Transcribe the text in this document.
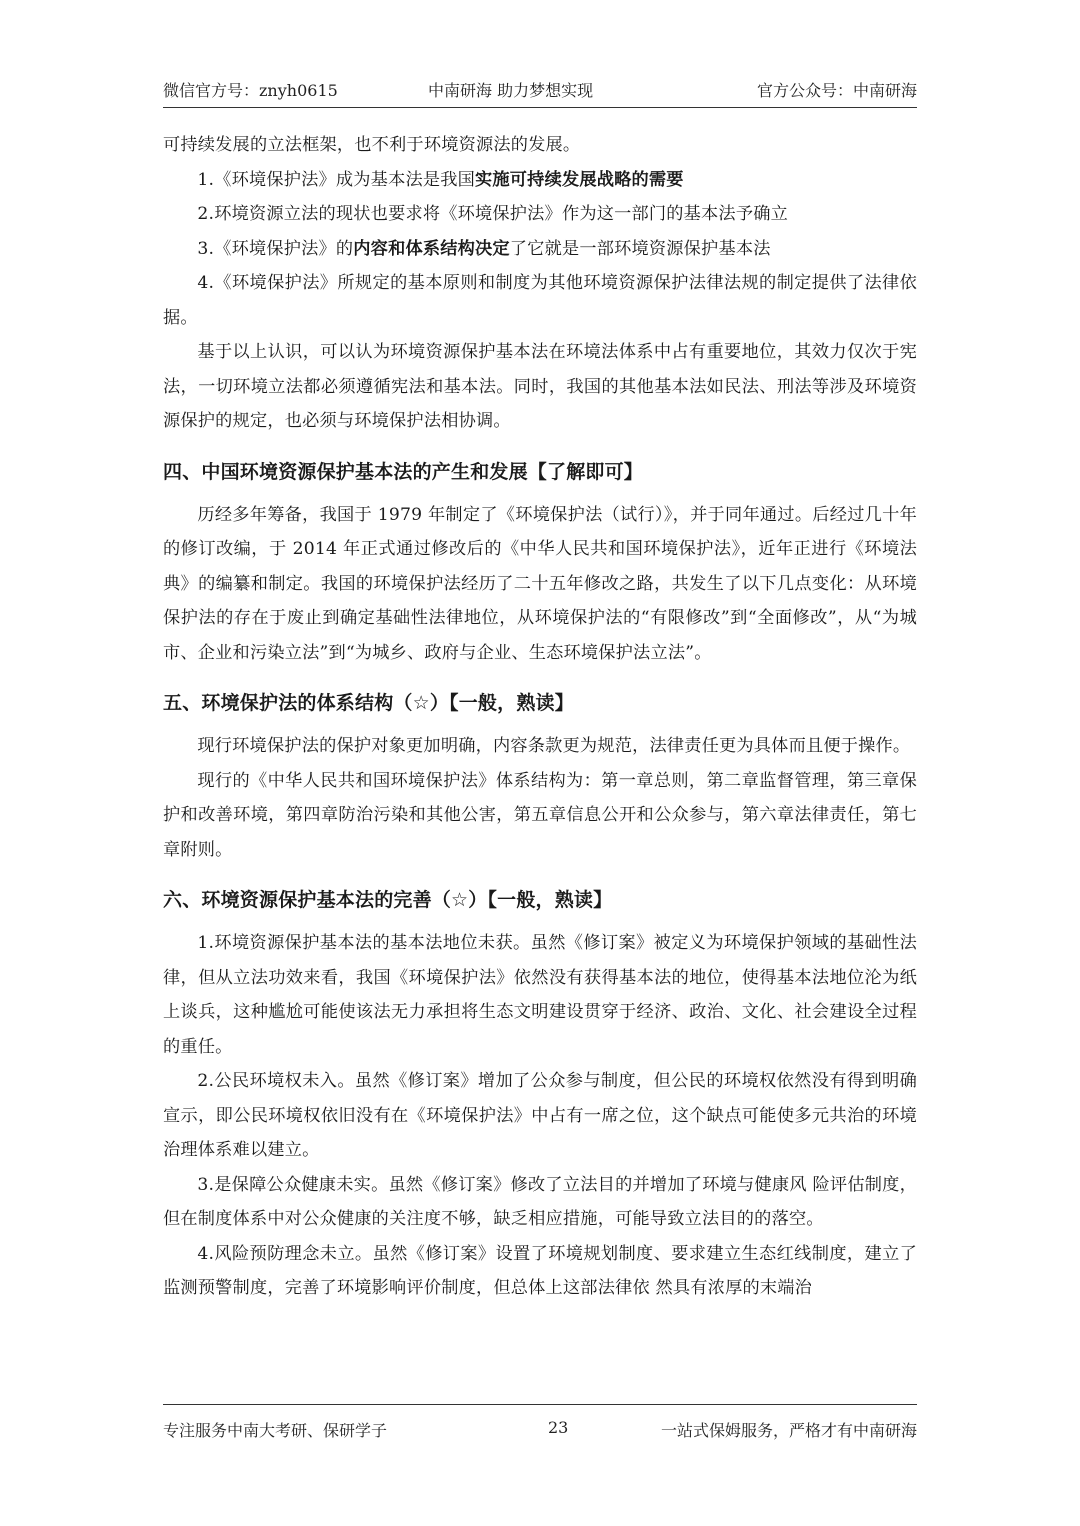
微信官方号：znyh0615	中南研海 助力梦想实现	官方公众号：中南研海

可持续发展的立法框架，也不利于环境资源法的发展。

1.《环境保护法》成为基本法是我国实施可持续发展战略的需要

2.环境资源立法的现状也要求将《环境保护法》作为这一部门的基本法予确立

3.《环境保护法》的内容和体系结构决定了它就是一部环境资源保护基本法

4.《环境保护法》所规定的基本原则和制度为其他环境资源保护法律法规的制定提供了法律依据。

基于以上认识，可以认为环境资源保护基本法在环境法体系中占有重要地位，其效力仅次于宪法，一切环境立法都必须遵循宪法和基本法。同时，我国的其他基本法如民法、刑法等涉及环境资源保护的规定，也必须与环境保护法相协调。

四、中国环境资源保护基本法的产生和发展【了解即可】

历经多年筹备，我国于 1979 年制定了《环境保护法（试行）》，并于同年通过。后经过几十年的修订改编，于 2014 年正式通过修改后的《中华人民共和国环境保护法》，近年正进行《环境法典》的编纂和制定。我国的环境保护法经历了二十五年修改之路，共发生了以下几点变化：从环境保护法的存在于废止到确定基础性法律地位，从环境保护法的“有限修改”到“全面修改”，从“为城市、企业和污染立法”到“为城乡、政府与企业、生态环境保护法立法”。

五、环境保护法的体系结构（☆）【一般，熟读】

现行环境保护法的保护对象更加明确，内容条款更为规范，法律责任更为具体而且便于操作。

现行的《中华人民共和国环境保护法》体系结构为：第一章总则，第二章监督管理，第三章保护和改善环境，第四章防治污染和其他公害，第五章信息公开和公众参与，第六章法律责任，第七章附则。

六、环境资源保护基本法的完善（☆）【一般，熟读】

1.环境资源保护基本法的基本法地位未获。虽然《修订案》被定义为环境保护领域的基础性法律，但从立法功效来看，我国《环境保护法》依然没有获得基本法的地位，使得基本法地位沦为纸上谈兵，这种尴尬可能使该法无力承担将生态文明建设贯穿于经济、政治、文化、社会建设全过程的重任。

2.公民环境权未入。虽然《修订案》增加了公众参与制度，但公民的环境权依然没有得到明确宣示，即公民环境权依旧没有在《环境保护法》中占有一席之位，这个缺点可能使多元共治的环境治理体系难以建立。

3.是保障公众健康未实。虽然《修订案》修改了立法目的并增加了环境与健康风 险评估制度，但在制度体系中对公众健康的关注度不够，缺乏相应措施，可能导致立法目的的落空。

4.风险预防理念未立。虽然《修订案》设置了环境规划制度、要求建立生态红线制度，建立了监测预警制度，完善了环境影响评价制度，但总体上这部法律依 然具有浓厚的末端治

专注服务中南大考研、保研学子	23	一站式保姆服务，严格才有中南研海
